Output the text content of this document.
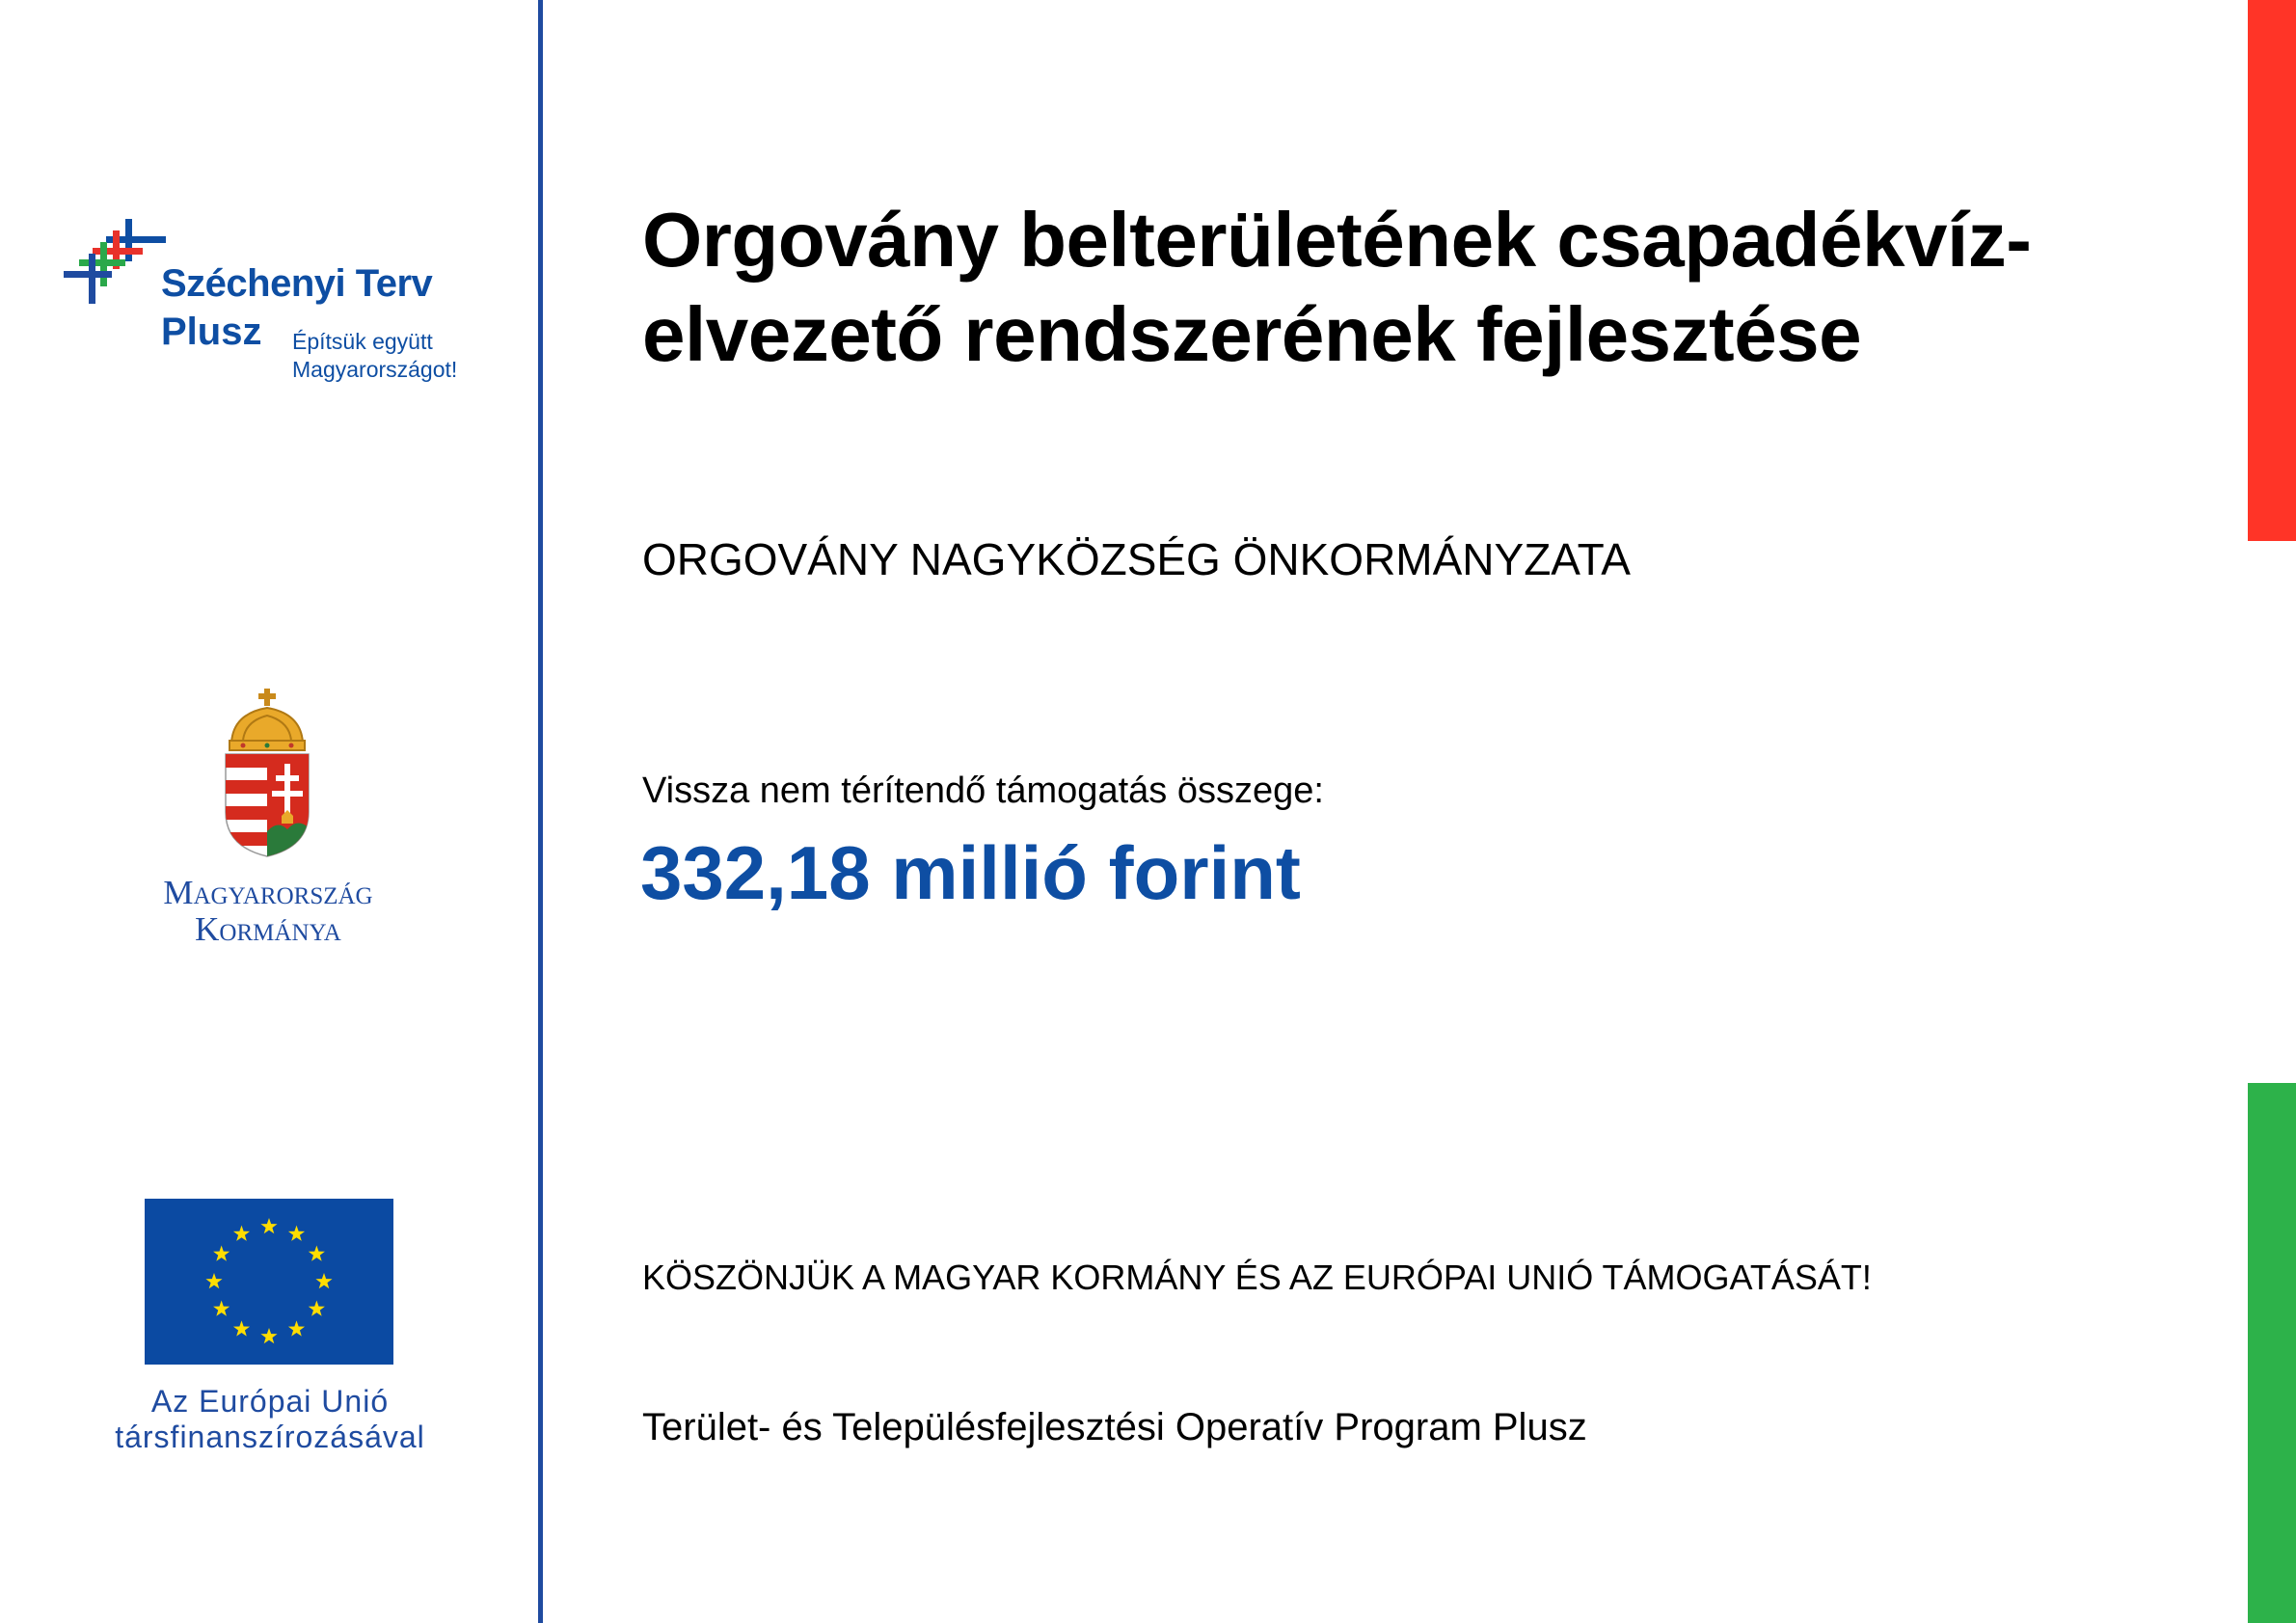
Széchenyi Terv
Plusz Építsük együtt
Magyarországot!
Magyarország
Kormánya
Az Európai Unió
társfinanszírozásával
Orgovány belterületének csapadékvíz-elvezető rendszerének fejlesztése
ORGOVÁNY NAGYKÖZSÉG ÖNKORMÁNYZATA
Vissza nem térítendő támogatás összege:
332,18 millió forint
KÖSZÖNJÜK A MAGYAR KORMÁNY ÉS AZ EURÓPAI UNIÓ TÁMOGATÁSÁT!
Terület- és Településfejlesztési Operatív Program Plusz
